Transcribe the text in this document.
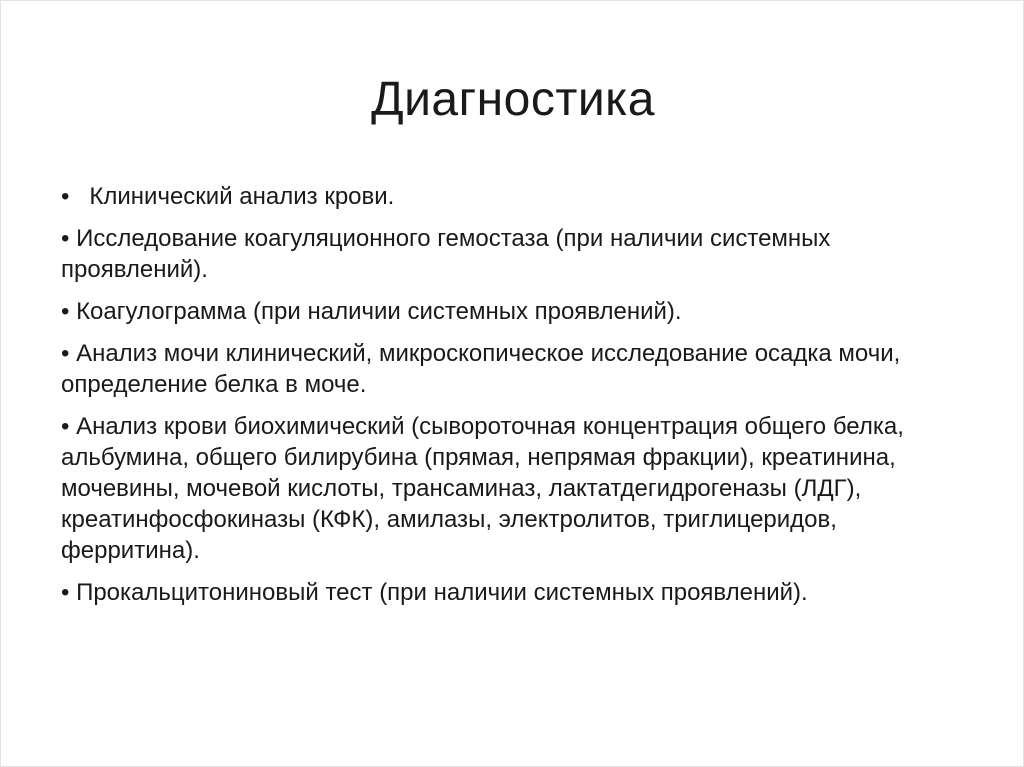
Диагностика
•   Клинический анализ крови.
• Исследование коагуляционного гемостаза (при наличии системных проявлений).
• Коагулограмма (при наличии системных проявлений).
• Анализ мочи клинический, микроскопическое исследование осадка мочи, определение белка в моче.
• Анализ крови биохимический (сывороточная концентрация общего белка, альбумина, общего билирубина (прямая, непрямая фракции), креатинина, мочевины, мочевой кислоты, трансаминаз, лактатдегидрогеназы (ЛДГ), креатинфосфокиназы (КФК), амилазы, электролитов, триглицеридов, ферритина).
• Прокальцитониновый тест (при наличии системных проявлений).
